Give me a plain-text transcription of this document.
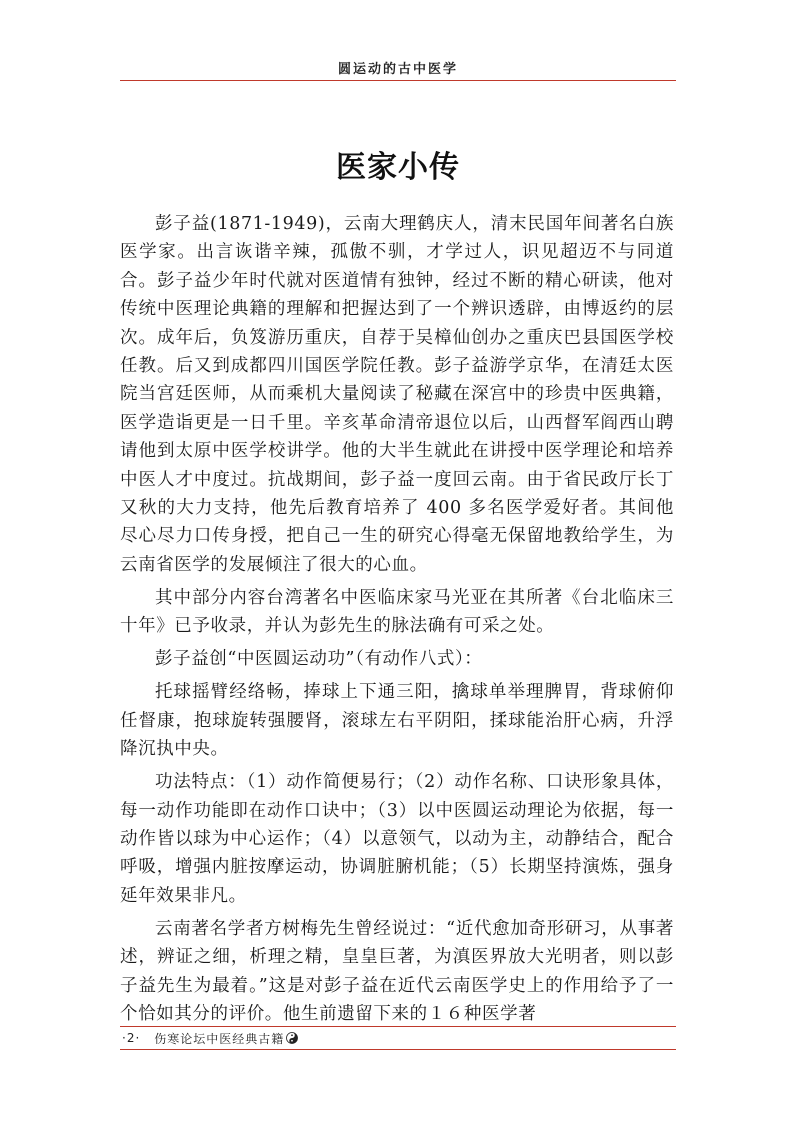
圆运动的古中医学
医家小传

彭子益(1871-1949)，云南大理鹤庆人，清末民国年间著名白族医学家。出言诙谐辛辣，孤傲不驯，才学过人，识见超迈不与同道合。彭子益少年时代就对医道情有独钟，经过不断的精心研读，他对传统中医理论典籍的理解和把握达到了一个辨识透辟，由博返约的层次。成年后，负笈游历重庆，自荐于吴樟仙创办之重庆巴县国医学校任教。后又到成都四川国医学院任教。彭子益游学京华，在清廷太医院当宫廷医师，从而乘机大量阅读了秘藏在深宫中的珍贵中医典籍，医学造诣更是一日千里。辛亥革命清帝退位以后，山西督军阎西山聘请他到太原中医学校讲学。他的大半生就此在讲授中医学理论和培养中医人才中度过。抗战期间，彭子益一度回云南。由于省民政厅长丁又秋的大力支持，他先后教育培养了 400 多名医学爱好者。其间他尽心尽力口传身授，把自己一生的研究心得毫无保留地教给学生，为云南省医学的发展倾注了很大的心血。

其中部分内容台湾著名中医临床家马光亚在其所著《台北临床三十年》已予收录，并认为彭先生的脉法确有可采之处。

彭子益创“中医圆运动功”（有动作八式）：

托球摇臂经络畅，捧球上下通三阳，擒球单举理脾胃，背球俯仰任督康，抱球旋转强腰肾，滚球左右平阴阳，揉球能治肝心病，升浮降沉执中央。

功法特点：（1）动作简便易行；（2）动作名称、口诀形象具体，每一动作功能即在动作口诀中；（3）以中医圆运动理论为依据，每一动作皆以球为中心运作；（4）以意领气，以动为主，动静结合，配合呼吸，增强内脏按摩运动，协调脏腑机能；（5）长期坚持演炼，强身延年效果非凡。

云南著名学者方树梅先生曾经说过：“近代愈加奇形研习，从事著述，辨证之细，析理之精，皇皇巨著，为滇医界放大光明者，则以彭子益先生为最着。”这是对彭子益在近代云南医学史上的作用给予了一个恰如其分的评价。他生前遗留下来的１６种医学著

·2· 伤寒论坛中医经典古籍
